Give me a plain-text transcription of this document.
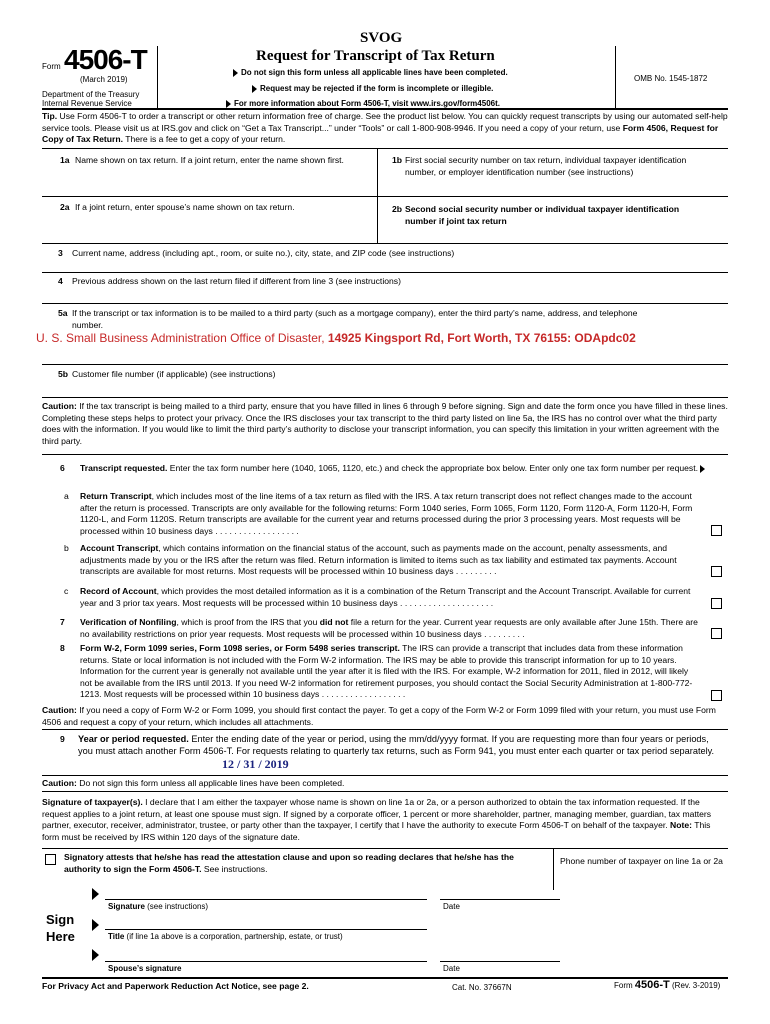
SVOG
Form 4506-T
(March 2019)
Department of the Treasury
Internal Revenue Service
Request for Transcript of Tax Return
Do not sign this form unless all applicable lines have been completed.
Request may be rejected if the form is incomplete or illegible.
For more information about Form 4506-T, visit www.irs.gov/form4506t.
OMB No. 1545-1872
Tip. Use Form 4506-T to order a transcript or other return information free of charge. See the product list below. You can quickly request transcripts by using our automated self-help service tools. Please visit us at IRS.gov and click on “Get a Tax Transcript...” under “Tools” or call 1-800-908-9946. If you need a copy of your return, use Form 4506, Request for Copy of Tax Return. There is a fee to get a copy of your return.
1a Name shown on tax return. If a joint return, enter the name shown first.	1b First social security number on tax return, individual taxpayer identification number, or employer identification number (see instructions)
2a If a joint return, enter spouse’s name shown on tax return.	2b Second social security number or individual taxpayer identification number if joint tax return
3 Current name, address (including apt., room, or suite no.), city, state, and ZIP code (see instructions)
4 Previous address shown on the last return filed if different from line 3 (see instructions)
5a If the transcript or tax information is to be mailed to a third party (such as a mortgage company), enter the third party’s name, address, and telephone number.
U. S. Small Business Administration Office of Disaster, 14925 Kingsport Rd, Fort Worth, TX 76155: ODApdc02
5b Customer file number (if applicable) (see instructions)
Caution: If the tax transcript is being mailed to a third party, ensure that you have filled in lines 6 through 9 before signing. Sign and date the form once you have filled in these lines. Completing these steps helps to protect your privacy. Once the IRS discloses your tax transcript to the third party listed on line 5a, the IRS has no control over what the third party does with the information. If you would like to limit the third party’s authority to disclose your transcript information, you can specify this limitation in your written agreement with the third party.
6 Transcript requested. Enter the tax form number here (1040, 1065, 1120, etc.) and check the appropriate box below. Enter only one tax form number per request.
a Return Transcript, which includes most of the line items of a tax return as filed with the IRS. A tax return transcript does not reflect changes made to the account after the return is processed. Transcripts are only available for the following returns: Form 1040 series, Form 1065, Form 1120, Form 1120-A, Form 1120-H, Form 1120-L, and Form 1120S. Return transcripts are available for the current year and returns processed during the prior 3 processing years. Most requests will be processed within 10 business days . . . . . . . . . . . . . . . . . .
b Account Transcript, which contains information on the financial status of the account, such as payments made on the account, penalty assessments, and adjustments made by you or the IRS after the return was filed. Return information is limited to items such as tax liability and estimated tax payments. Account transcripts are available for most returns. Most requests will be processed within 10 business days . . . . . . . . .
c Record of Account, which provides the most detailed information as it is a combination of the Return Transcript and the Account Transcript. Available for current year and 3 prior tax years. Most requests will be processed within 10 business days . . . . . . . . . . . . . . . . . . . .
7 Verification of Nonfiling, which is proof from the IRS that you did not file a return for the year. Current year requests are only available after June 15th. There are no availability restrictions on prior year requests. Most requests will be processed within 10 business days . . . . . . . . .
8 Form W-2, Form 1099 series, Form 1098 series, or Form 5498 series transcript. The IRS can provide a transcript that includes data from these information returns. State or local information is not included with the Form W-2 information. The IRS may be able to provide this transcript information for up to 10 years. Information for the current year is generally not available until the year after it is filed with the IRS. For example, W-2 information for 2011, filed in 2012, will likely not be available from the IRS until 2013. If you need W-2 information for retirement purposes, you should contact the Social Security Administration at 1-800-772-1213. Most requests will be processed within 10 business days . . . . . . . . . . . . . . . . . .
Caution: If you need a copy of Form W-2 or Form 1099, you should first contact the payer. To get a copy of the Form W-2 or Form 1099 filed with your return, you must use Form 4506 and request a copy of your return, which includes all attachments.
9 Year or period requested. Enter the ending date of the year or period, using the mm/dd/yyyy format. If you are requesting more than four years or periods, you must attach another Form 4506-T. For requests relating to quarterly tax returns, such as Form 941, you must enter each quarter or tax period separately.
12 / 31 / 2019
Caution: Do not sign this form unless all applicable lines have been completed.
Signature of taxpayer(s). I declare that I am either the taxpayer whose name is shown on line 1a or 2a, or a person authorized to obtain the tax information requested. If the request applies to a joint return, at least one spouse must sign. If signed by a corporate officer, 1 percent or more shareholder, partner, managing member, guardian, tax matters partner, executor, receiver, administrator, trustee, or party other than the taxpayer, I certify that I have the authority to execute Form 4506-T on behalf of the taxpayer. Note: This form must be received by IRS within 120 days of the signature date.
Signatory attests that he/she has read the attestation clause and upon so reading declares that he/she has the authority to sign the Form 4506-T. See instructions.
Phone number of taxpayer on line 1a or 2a
Sign
Here
Signature (see instructions)	Date
Title (if line 1a above is a corporation, partnership, estate, or trust)
Spouse’s signature	Date
For Privacy Act and Paperwork Reduction Act Notice, see page 2.	Cat. No. 37667N	Form 4506-T (Rev. 3-2019)
